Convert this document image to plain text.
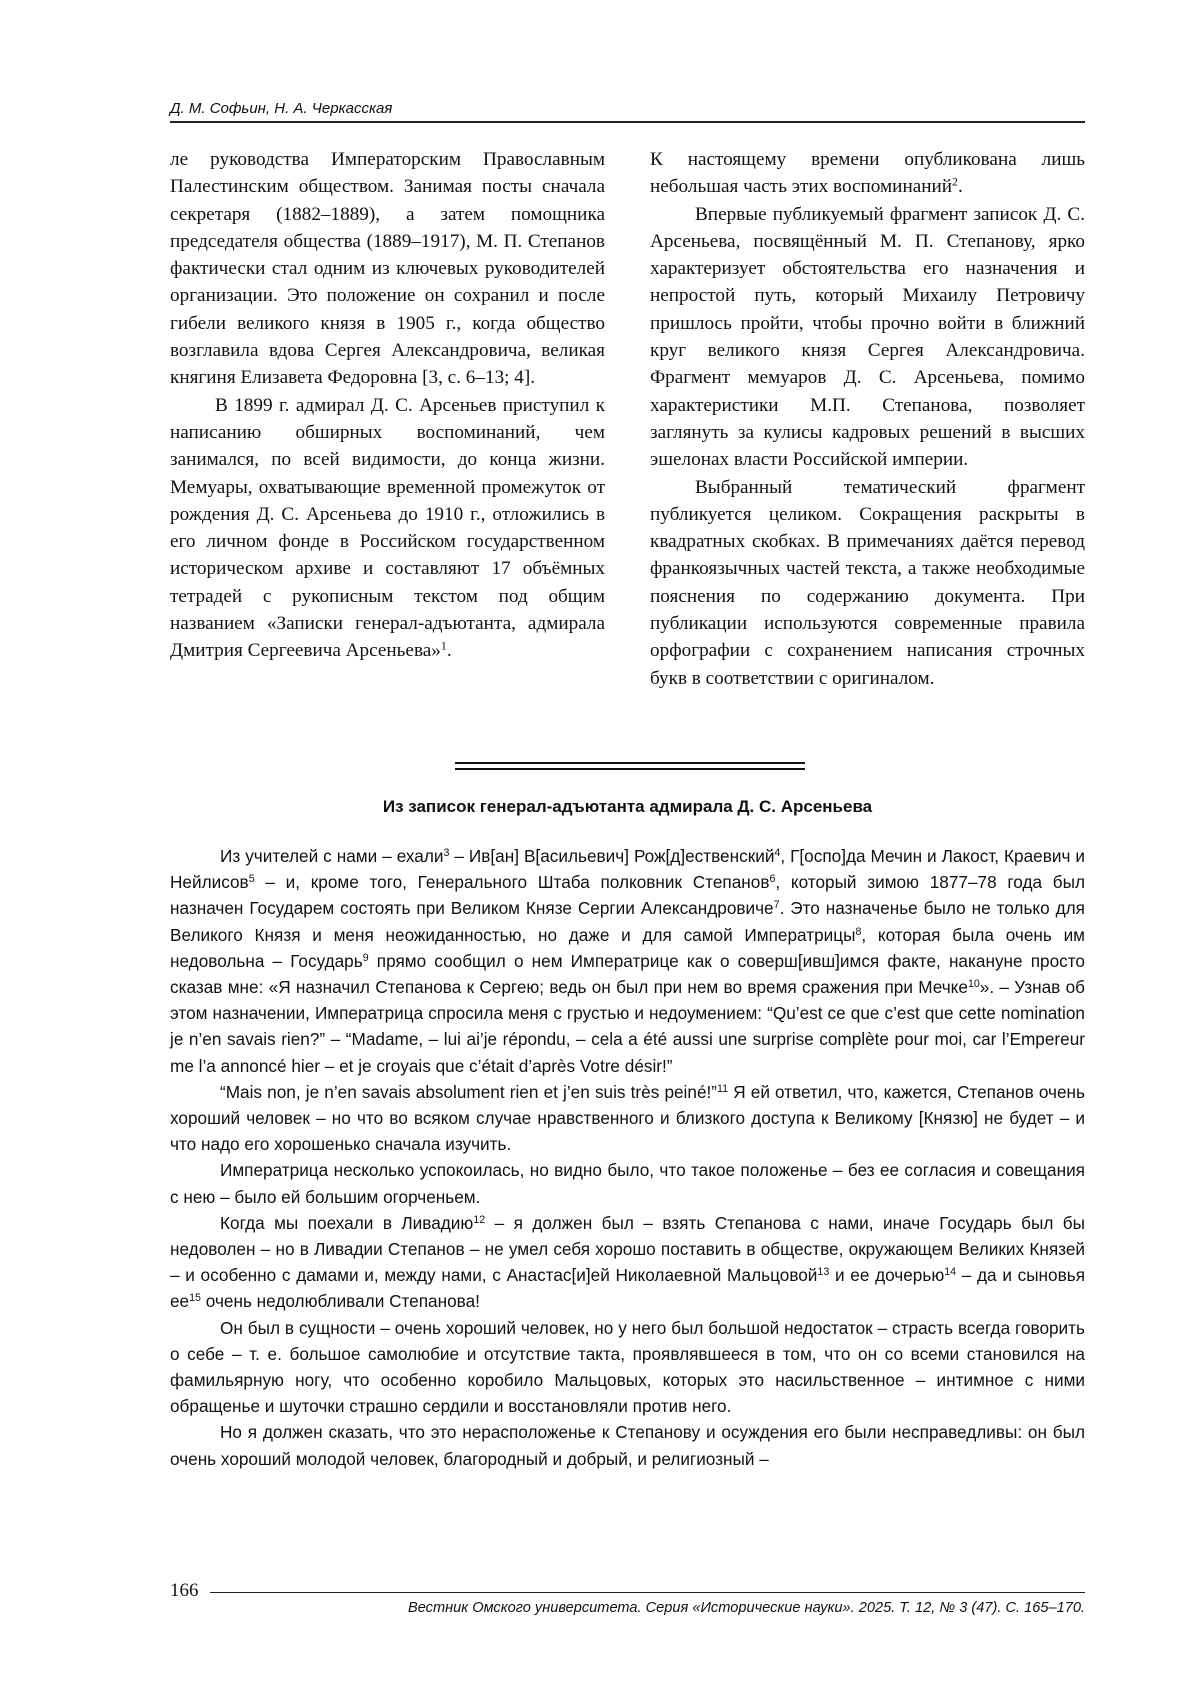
Д. М. Софьин, Н. А. Черкасская

ле руководства Императорским Православным Палестинским обществом. Занимая посты сначала секретаря (1882–1889), а затем помощника председателя общества (1889–1917), М. П. Степанов фактически стал одним из ключевых руководителей организации. Это положение он сохранил и после гибели великого князя в 1905 г., когда общество возглавила вдова Сергея Александровича, великая княгиня Елизавета Федоровна [3, с. 6–13; 4].

В 1899 г. адмирал Д. С. Арсеньев приступил к написанию обширных воспоминаний, чем занимался, по всей видимости, до конца жизни. Мемуары, охватывающие временной промежуток от рождения Д. С. Арсеньева до 1910 г., отложились в его личном фонде в Российском государственном историческом архиве и составляют 17 объёмных тетрадей с рукописным текстом под общим названием «Записки генерал-адъютанта, адмирала Дмитрия Сергеевича Арсеньева»$^1$.

К настоящему времени опубликована лишь небольшая часть этих воспоминаний$^2$.

Впервые публикуемый фрагмент записок Д. С. Арсеньева, посвящённый М. П. Степанову, ярко характеризует обстоятельства его назначения и непростой путь, который Михаилу Петровичу пришлось пройти, чтобы прочно войти в ближний круг великого князя Сергея Александровича. Фрагмент мемуаров Д. С. Арсеньева, помимо характеристики М.П. Степанова, позволяет заглянуть за кулисы кадровых решений в высших эшелонах власти Российской империи.

Выбранный тематический фрагмент публикуется целиком. Сокращения раскрыты в квадратных скобках. В примечаниях даётся перевод франкоязычных частей текста, а также необходимые пояснения по содержанию документа. При публикации используются современные правила орфографии с сохранением написания строчных букв в соответствии с оригиналом.

Из записок генерал-адъютанта адмирала Д. С. Арсеньева

Из учителей с нами – ехали$^3$ – Ив[ан] В[асильевич] Рож[д]ественский$^4$, Г[оспо]да Мечин и Лакост, Краевич и Нейлисов$^5$ – и, кроме того, Генерального Штаба полковник Степанов$^6$, который зимою 1877–78 года был назначен Государем состоять при Великом Князе Сергии Александровиче$^7$. Это назначенье было не только для Великого Князя и меня неожиданностью, но даже и для самой Императрицы$^8$, которая была очень им недовольна – Государь$^9$ прямо сообщил о нем Императрице как о соверш[ивш]имся факте, накануне просто сказав мне: «Я назначил Степанова к Сергею; ведь он был при нем во время сражения при Мечке$^{10}$». – Узнав об этом назначении, Императрица спросила меня с грустью и недоумением: “Qu’est ce que c’est que cette nomination je n’en savais rien?” – “Madame, – lui ai’je répondu, – cela a été aussi une surprise complète pour moi, car l’Empereur me l’a annoncé hier – et je croyais que c’était d’après Votre désir!”

“Mais non, je n’en savais absolument rien et j’en suis très peiné!”$^{11}$ Я ей ответил, что, кажется, Степанов очень хороший человек – но что во всяком случае нравственного и близкого доступа к Великому [Князю] не будет – и что надо его хорошенько сначала изучить.

Императрица несколько успокоилась, но видно было, что такое положенье – без ее согласия и совещания с нею – было ей большим огорченьем.

Когда мы поехали в Ливадию$^{12}$ – я должен был – взять Степанова с нами, иначе Государь был бы недоволен – но в Ливадии Степанов – не умел себя хорошо поставить в обществе, окружающем Великих Князей – и особенно с дамами и, между нами, с Анастас[и]ей Николаевной Мальцовой$^{13}$ и ее дочерью$^{14}$ – да и сыновья $ее^{15}$ очень недолюбливали Степанова!

Он был в сущности – очень хороший человек, но у него был большой недостаток – страсть всегда говорить о себе – т. е. большое самолюбие и отсутствие такта, проявлявшееся в том, что он со всеми становился на фамильярную ногу, что особенно коробило Мальцовых, которых это насильственное – интимное с ними обращенье и шуточки страшно сердили и восстановляли против него.

Но я должен сказать, что это нерасположенье к Степанову и осуждения его были несправедливы: он был очень хороший молодой человек, благородный и добрый, и религиозный –

166
Вестник Омского университета. Серия «Исторические науки». 2025. Т. 12, № 3 (47). С. 165–170.
